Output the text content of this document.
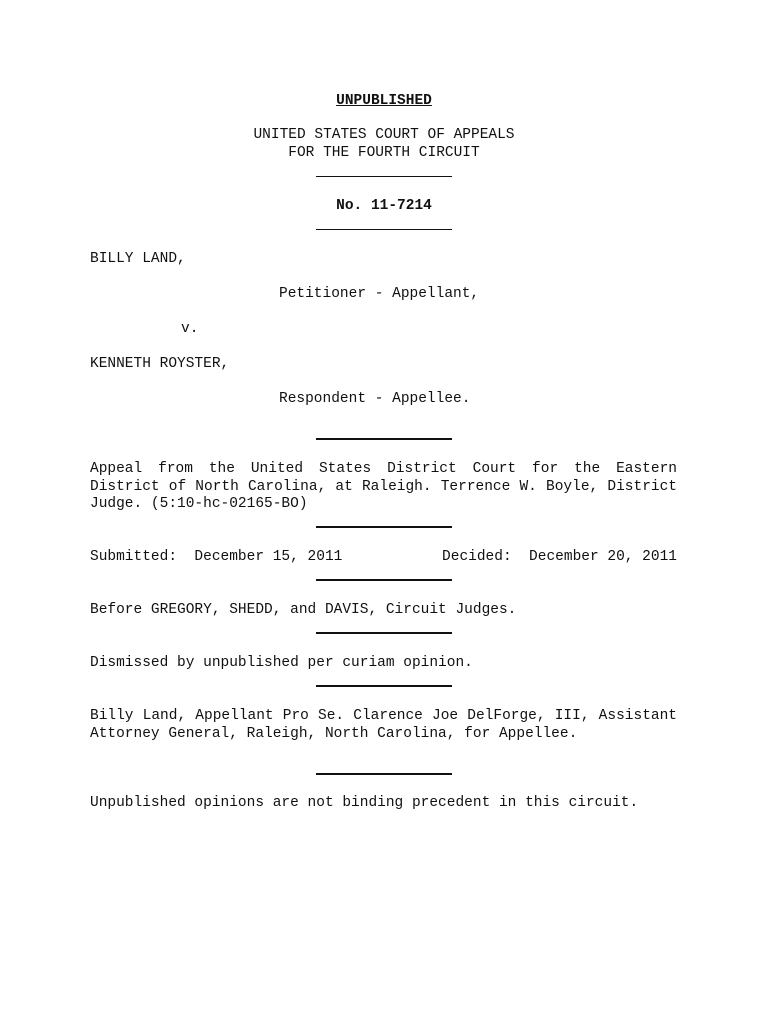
UNPUBLISHED
UNITED STATES COURT OF APPEALS
FOR THE FOURTH CIRCUIT
No. 11-7214
BILLY LAND,
Petitioner - Appellant,
v.
KENNETH ROYSTER,
Respondent - Appellee.
Appeal from the United States District Court for the Eastern District of North Carolina, at Raleigh. Terrence W. Boyle, District Judge. (5:10-hc-02165-BO)
Submitted:  December 15, 2011	Decided:  December 20, 2011
Before GREGORY, SHEDD, and DAVIS, Circuit Judges.
Dismissed by unpublished per curiam opinion.
Billy Land, Appellant Pro Se. Clarence Joe DelForge, III, Assistant Attorney General, Raleigh, North Carolina, for Appellee.
Unpublished opinions are not binding precedent in this circuit.
